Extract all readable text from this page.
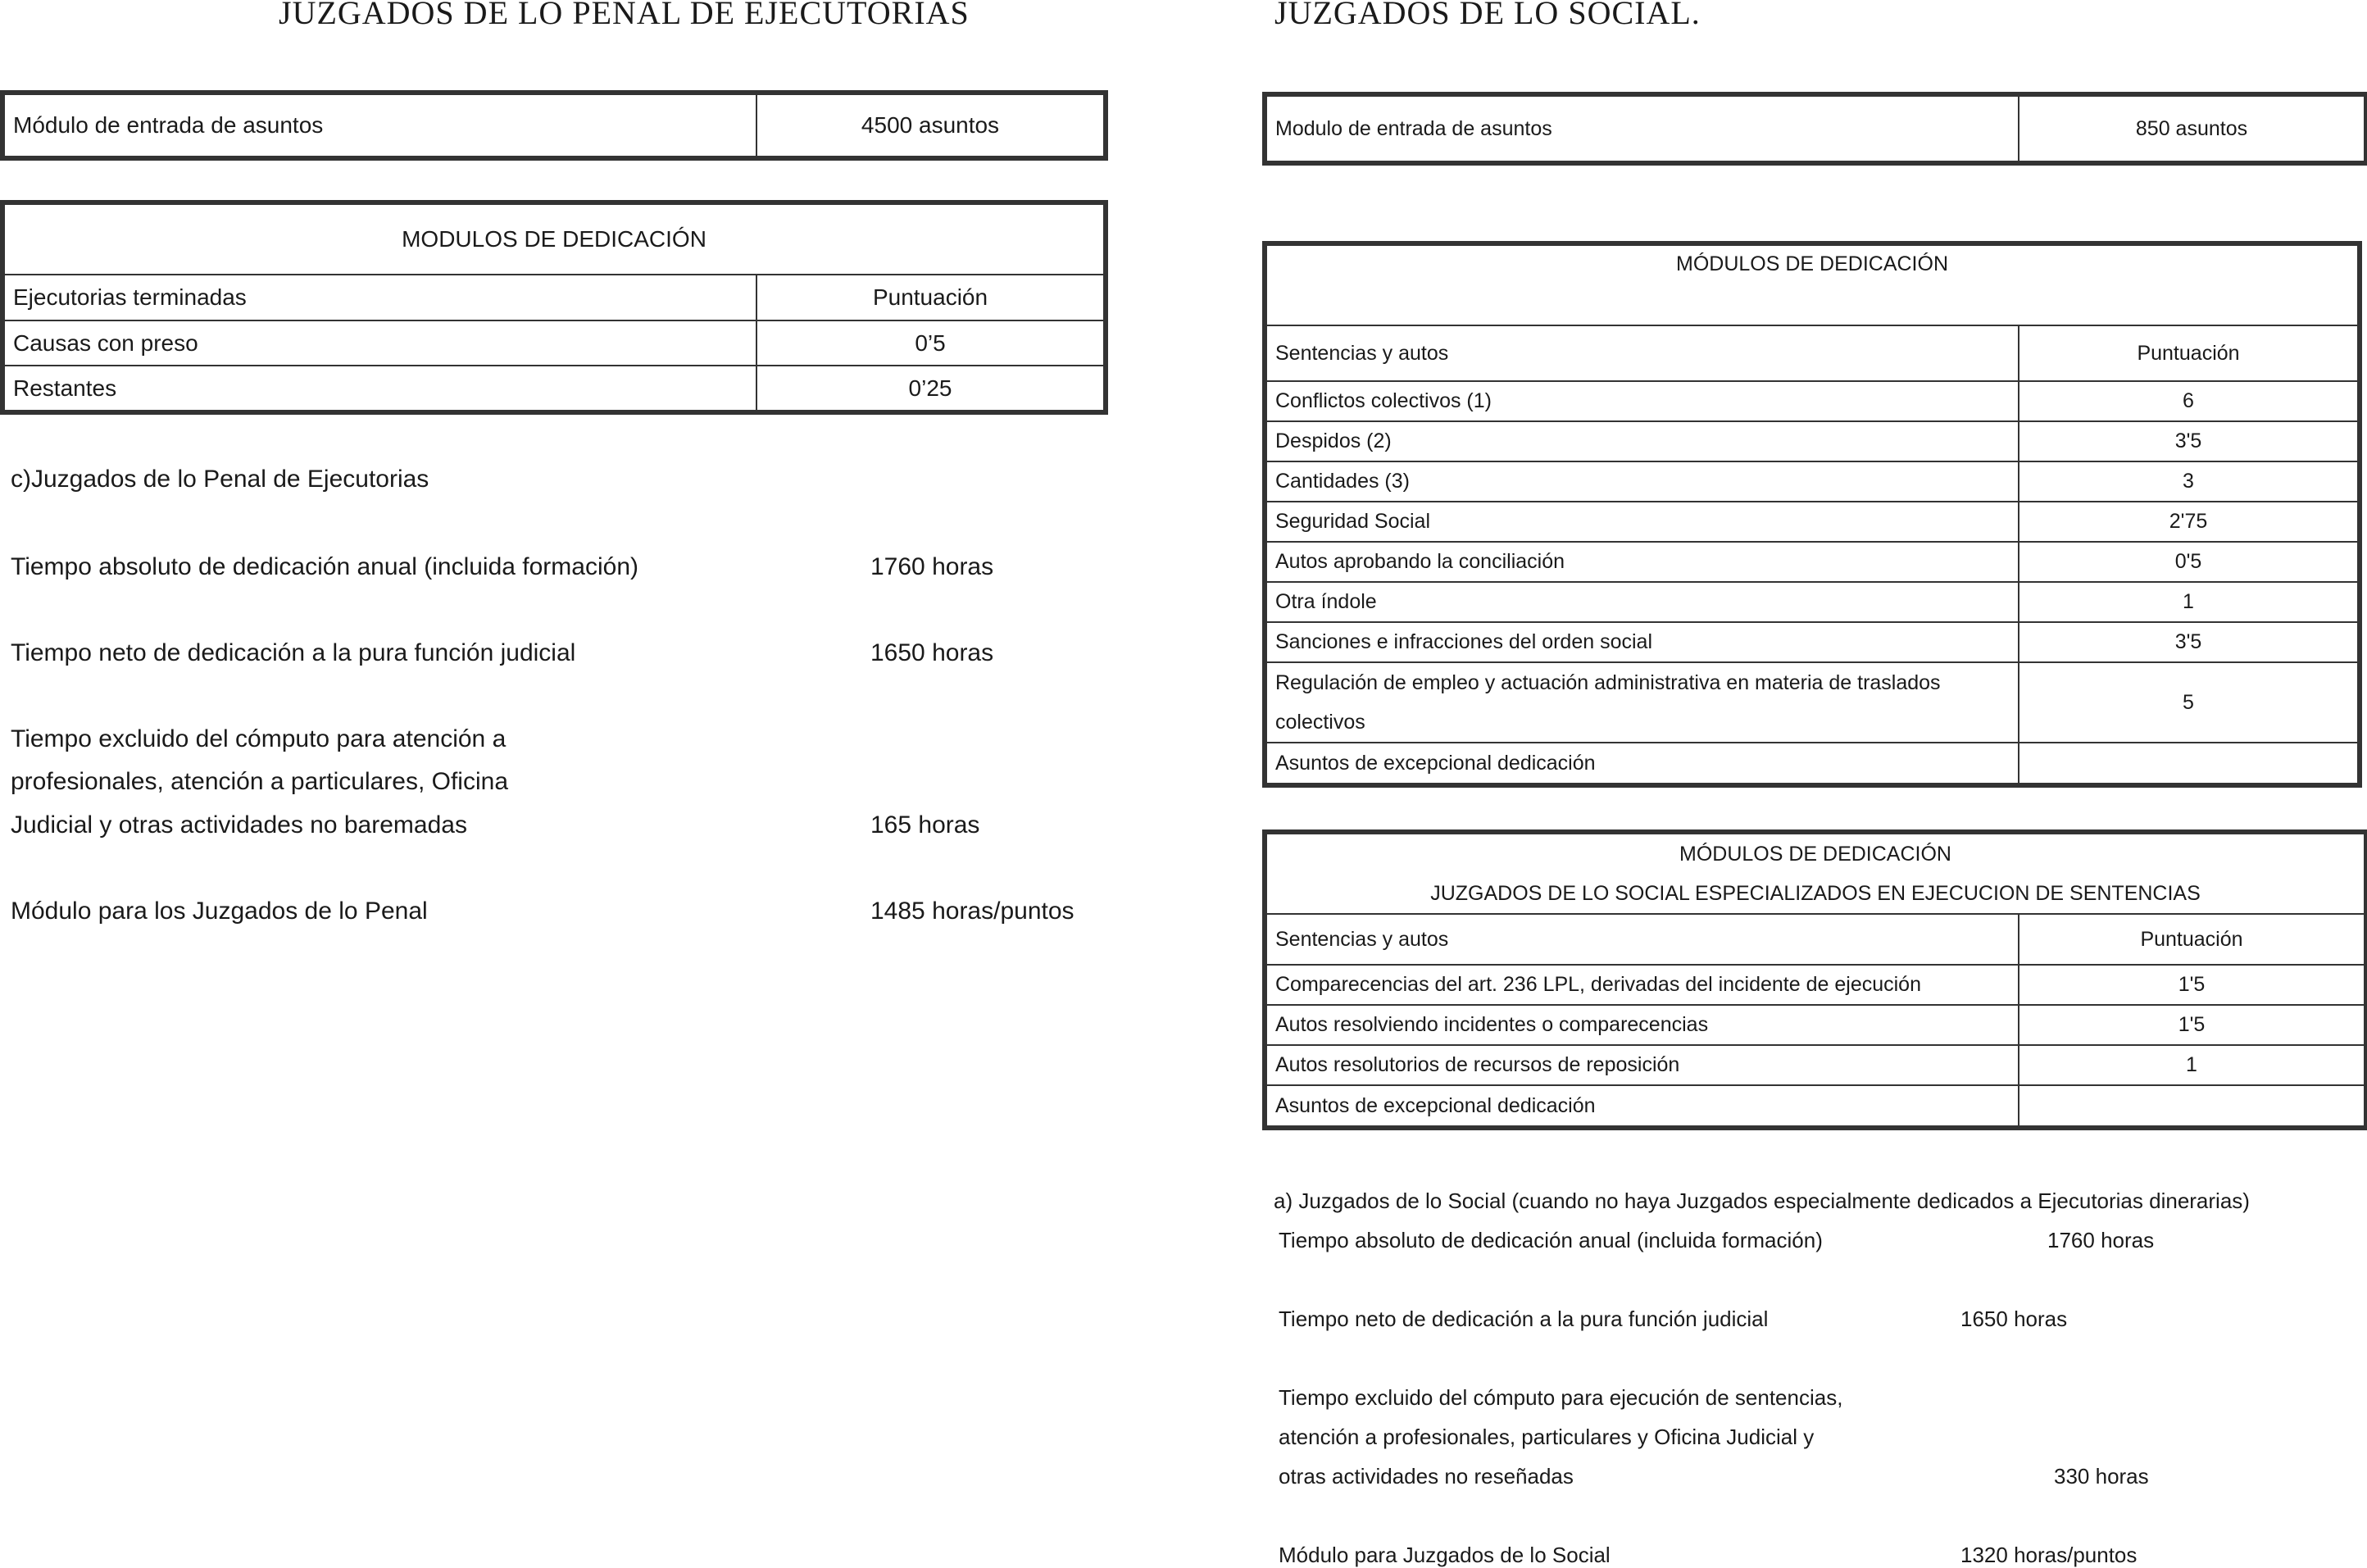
JUZGADOS DE LO PENAL DE EJECUTORIAS
Módulo de entrada de asuntos	4500 asuntos
MODULOS DE DEDICACIÓN	
Ejecutorias terminadas	Puntuación
Causas con preso	0’5
Restantes	0’25
c)Juzgados de lo Penal de Ejecutorias
Tiempo absoluto de dedicación anual (incluida formación)	1760 horas
Tiempo neto de dedicación a la pura función judicial	1650 horas
Tiempo excluido del cómputo para atención a
profesionales, atención a particulares, Oficina
Judicial y otras actividades no baremadas	165 horas
Módulo para los Juzgados de lo Penal	1485 horas/puntos
JUZGADOS DE LO SOCIAL.
Modulo de entrada de asuntos	850 asuntos
MÓDULOS DE DEDICACIÓN	
Sentencias y autos	Puntuación
Conflictos colectivos (1)	6
Despidos (2)	3'5
Cantidades (3)	3
Seguridad Social	2'75
Autos aprobando la conciliación	0'5
Otra índole	1
Sanciones e infracciones del orden social	3'5

Regulación de empleo y actuación administrativa en materia de traslados
colectivos	5
Asuntos de excepcional dedicación	
MÓDULOS DE DEDICACIÓN
JUZGADOS DE LO SOCIAL ESPECIALIZADOS EN EJECUCION DE SENTENCIAS	

Sentencias y autos	Puntuación
Comparecencias del art. 236 LPL, derivadas del incidente de ejecución	1'5
Autos resolviendo incidentes o comparecencias	1'5
Autos resolutorios de recursos de reposición	1
Asuntos de excepcional dedicación	
a) Juzgados de lo Social (cuando no haya Juzgados especialmente dedicados a Ejecutorias dinerarias)
Tiempo absoluto de dedicación anual (incluida formación)	1760 horas
Tiempo neto de dedicación a la pura función judicial	1650 horas
Tiempo excluido del cómputo para ejecución de sentencias,
atención a profesionales, particulares y Oficina Judicial y
otras actividades no reseñadas	330 horas
Módulo para Juzgados de lo Social	1320 horas/puntos
